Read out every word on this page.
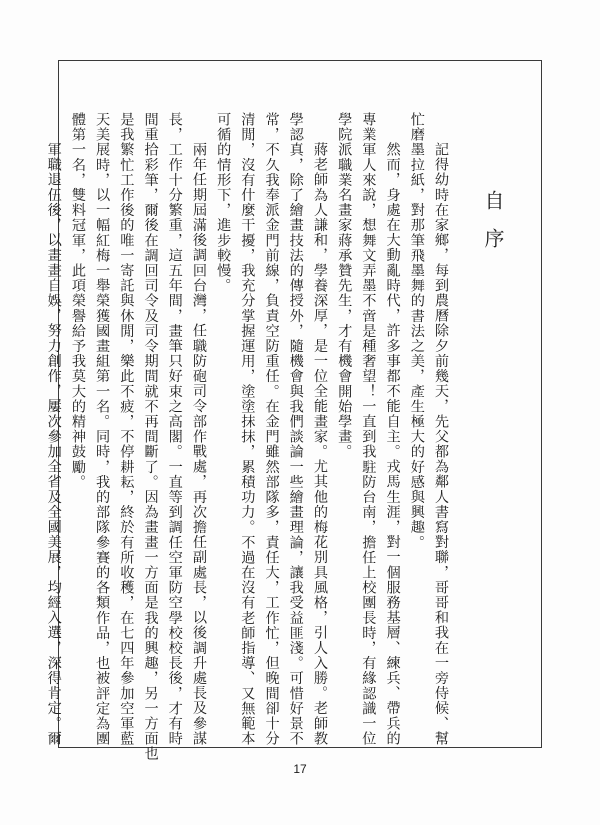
自序
記得幼時在家鄉，每到農曆除夕前幾天，先父都為鄰人書寫對聯，哥哥和我在一旁侍候、幫
忙磨墨拉紙，對那筆飛墨舞的書法之美，產生極大的好感與興趣。
然而，身處在大動亂時代，許多事都不能自主。戎馬生涯，對一個服務基層、練兵、帶兵的
專業軍人來說，想舞文弄墨不啻是種奢望！一直到我駐防台南，擔任上校團長時，有緣認識一位
學院派職業名畫家蔣承贊先生，才有機會開始學畫。
蔣老師為人謙和，學養深厚，是一位全能畫家。尤其他的梅花別具風格，引人入勝。老師教
學認真，除了繪畫技法的傳授外，隨機會與我們談論一些繪畫理論，讓我受益匪淺。可惜好景不
常，不久我奉派金門前線，負責空防重任。在金門雖然部隊多，責任大，工作忙，但晚間卻十分
清閒，沒有什麼干擾，我充分掌握運用，塗塗抹抹，累積功力。不過在沒有老師指導、又無範本
可循的情形下，進步較慢。
兩年任期屆滿後調回台灣，任職防砲司令部作戰處，再次擔任副處長，以後調升處長及參謀
長，工作十分繁重，這五年間，畫筆只好束之高閣。一直等到調任空軍防空學校校長後，才有時
間重拾彩筆，爾後在調回司令及司令期間就不再間斷了。因為畫畫一方面是我的興趣，另一方面也
是我繁忙工作後的唯一寄託與休閒，樂此不疲，不停耕耘，終於有所收穫，在七四年參加空軍藍
天美展時，以一幅紅梅一舉榮獲國畫組第一名。同時，我的部隊參賽的各類作品，也被評定為團
體第一名，雙料冠軍，此項榮譽給予我莫大的精神鼓勵。
軍職退伍後，以畫畫自娛，努力創作，屢次參加全省及全國美展，均經入選，深得肯定。爾
17
